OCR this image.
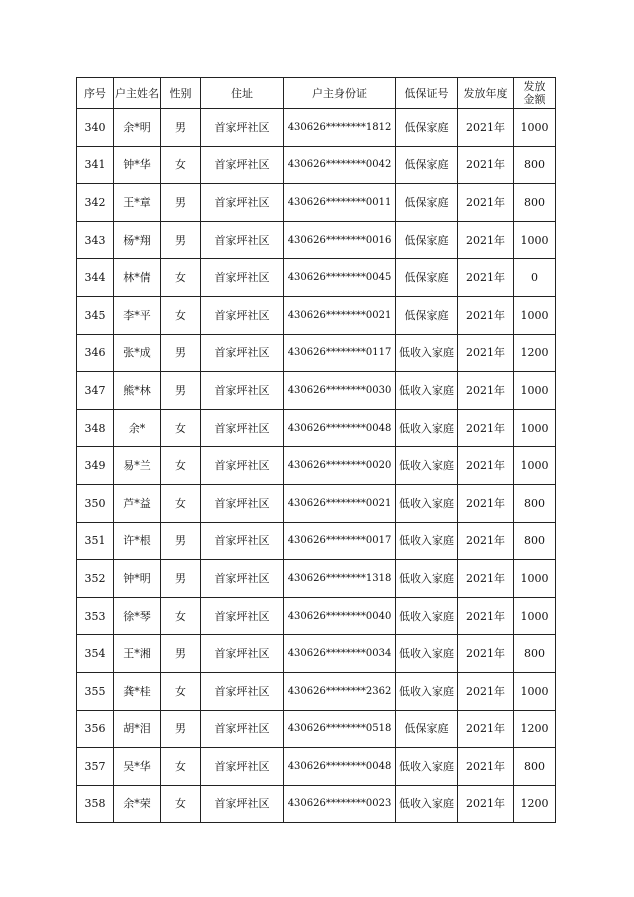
序号	户主姓名	性别	住址	户主身份证	低保证号	发放年度	发放金额
340	余*明	男	首家坪社区	430626********1812	低保家庭	2021年	1000
341	钟*华	女	首家坪社区	430626********0042	低保家庭	2021年	800
342	王*章	男	首家坪社区	430626********0011	低保家庭	2021年	800
343	杨*翔	男	首家坪社区	430626********0016	低保家庭	2021年	1000
344	林*倩	女	首家坪社区	430626********0045	低保家庭	2021年	0
345	李*平	女	首家坪社区	430626********0021	低保家庭	2021年	1000
346	张*成	男	首家坪社区	430626********0117	低收入家庭	2021年	1200
347	熊*林	男	首家坪社区	430626********0030	低收入家庭	2021年	1000
348	余*	女	首家坪社区	430626********0048	低收入家庭	2021年	1000
349	易*兰	女	首家坪社区	430626********0020	低收入家庭	2021年	1000
350	芦*益	女	首家坪社区	430626********0021	低收入家庭	2021年	800
351	许*根	男	首家坪社区	430626********0017	低收入家庭	2021年	800
352	钟*明	男	首家坪社区	430626********1318	低收入家庭	2021年	1000
353	徐*琴	女	首家坪社区	430626********0040	低收入家庭	2021年	1000
354	王*湘	男	首家坪社区	430626********0034	低收入家庭	2021年	800
355	龚*桂	女	首家坪社区	430626********2362	低收入家庭	2021年	1000
356	胡*泪	男	首家坪社区	430626********0518	低保家庭	2021年	1200
357	吴*华	女	首家坪社区	430626********0048	低收入家庭	2021年	800
358	余*荣	女	首家坪社区	430626********0023	低收入家庭	2021年	1200
